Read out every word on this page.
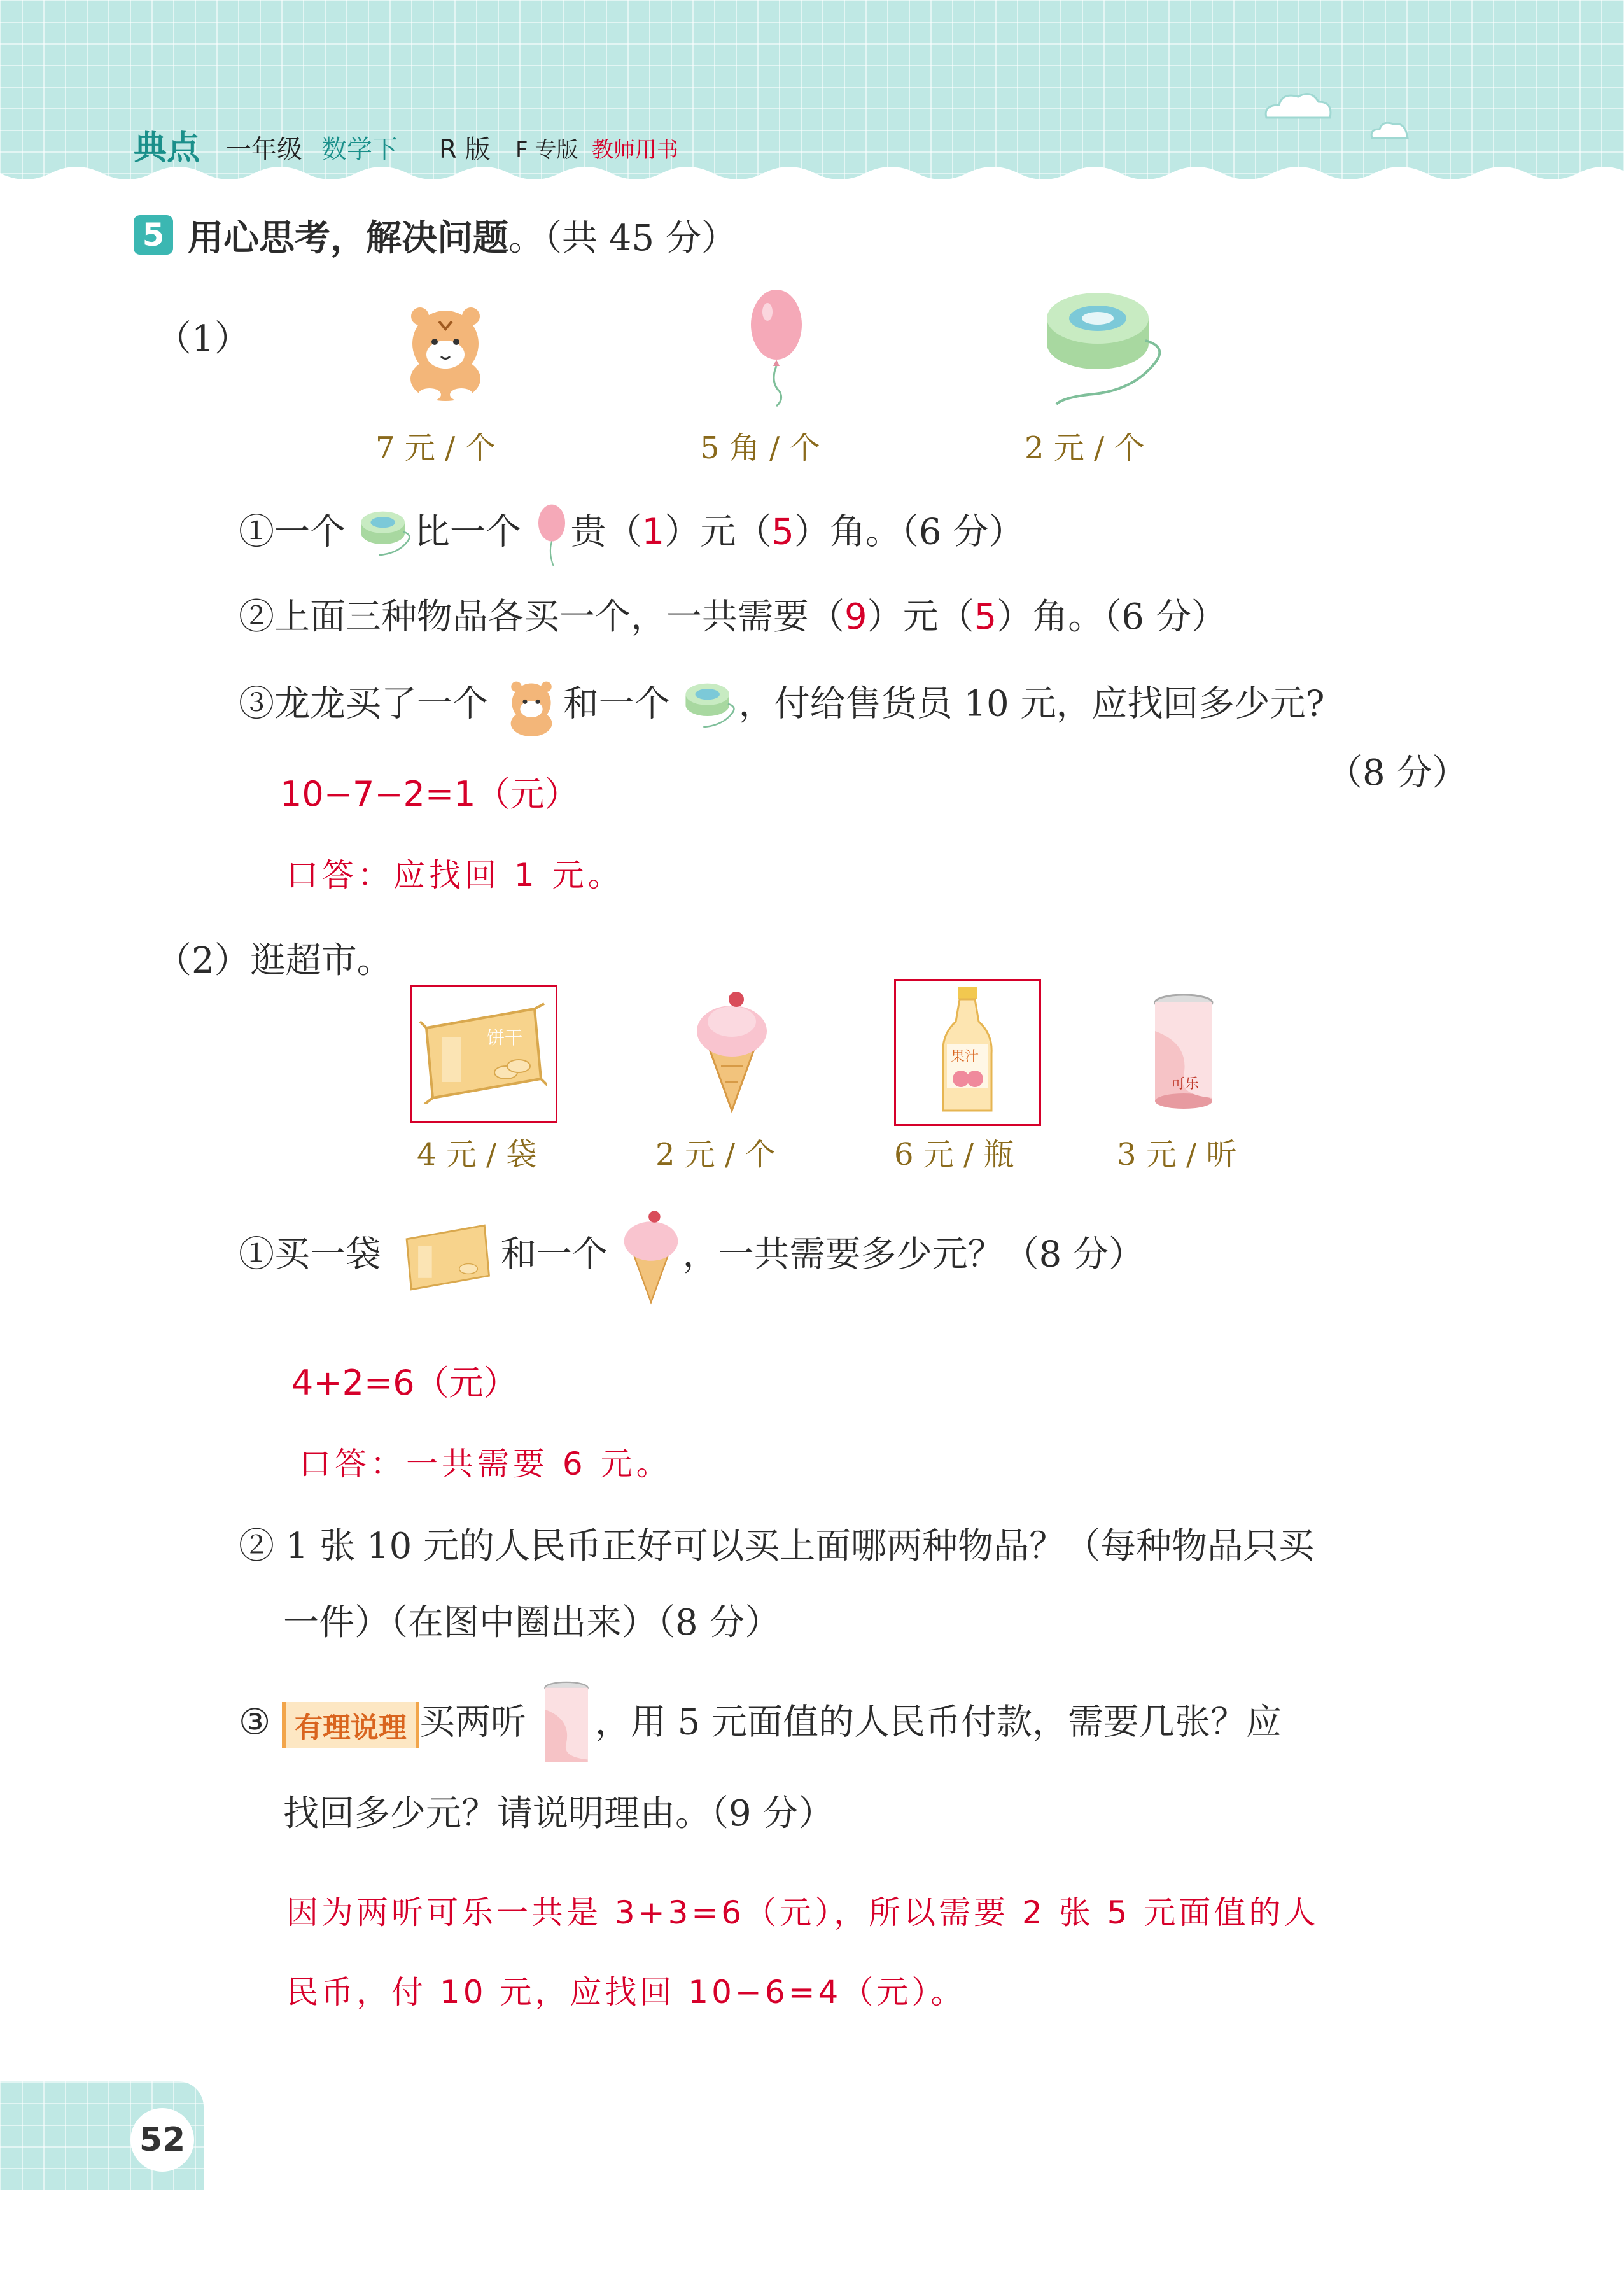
典点	一年级 数学下 R 版 F 专版 教师用书
5 用心思考，解决问题。（共 45 分）
（1）
7 元 / 个	5 角 / 个	2 元 / 个
①一个 比一个 贵（1）元（5）角。（6 分）
②上面三种物品各买一个，一共需要（9）元（5）角。（6 分）
③龙龙买了一个 和一个 ，付给售货员 10 元，应找回多少元?
（8 分）
10−7−2=1（元）
口答：应找回 1 元。
（2）逛超市。
饼干
果汁
可乐
4 元 / 袋	2 元 / 个	6 元 / 瓶	3 元 / 听
①买一袋	和一个 ，一共需要多少元？（8 分）
4+2=6（元）
口答：一共需要 6 元。
② 1 张 10 元的人民币正好可以买上面哪两种物品？（每种物品只买
一件）（在图中圈出来）（8 分）
③ 有理说理 买两听 ，用 5 元面值的人民币付款，需要几张？应
找回多少元？请说明理由。（9 分）
因为两听可乐一共是 3+3=6（元），所以需要 2 张 5 元面值的人
民币，付 10 元，应找回 10−6=4（元）。
52
